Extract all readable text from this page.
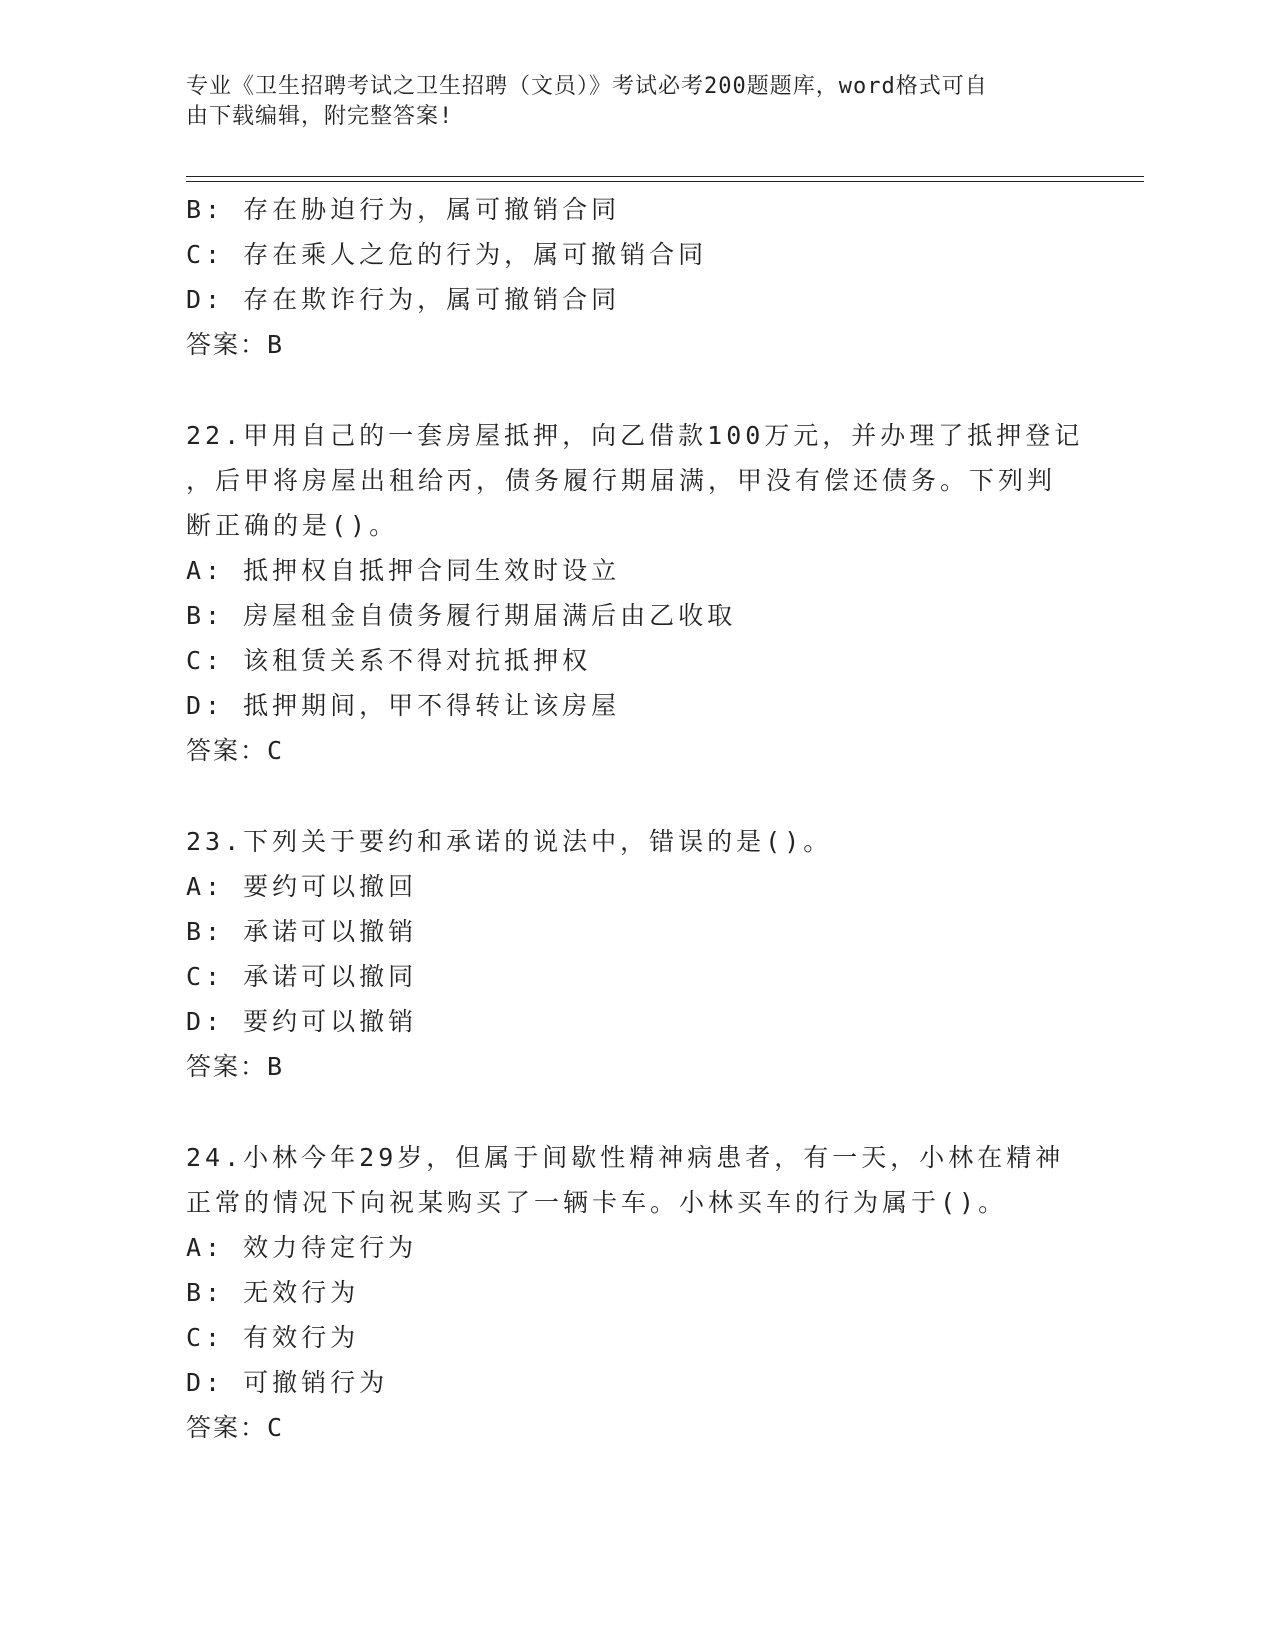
专业《卫生招聘考试之卫生招聘（文员）》考试必考200题题库，word格式可自
由下载编辑，附完整答案!
B: 存在胁迫行为，属可撤销合同
C: 存在乘人之危的行为，属可撤销合同
D: 存在欺诈行为，属可撤销合同
答案：B
22.甲用自己的一套房屋抵押，向乙借款100万元，并办理了抵押登记
，后甲将房屋出租给丙，债务履行期届满，甲没有偿还债务。下列判
断正确的是()。
A: 抵押权自抵押合同生效时设立
B: 房屋租金自债务履行期届满后由乙收取
C: 该租赁关系不得对抗抵押权
D: 抵押期间，甲不得转让该房屋
答案：C
23.下列关于要约和承诺的说法中，错误的是()。
A: 要约可以撤回
B: 承诺可以撤销
C: 承诺可以撤同
D: 要约可以撤销
答案：B
24.小林今年29岁，但属于间歇性精神病患者，有一天，小林在精神
正常的情况下向祝某购买了一辆卡车。小林买车的行为属于()。
A: 效力待定行为
B: 无效行为
C: 有效行为
D: 可撤销行为
答案：C
